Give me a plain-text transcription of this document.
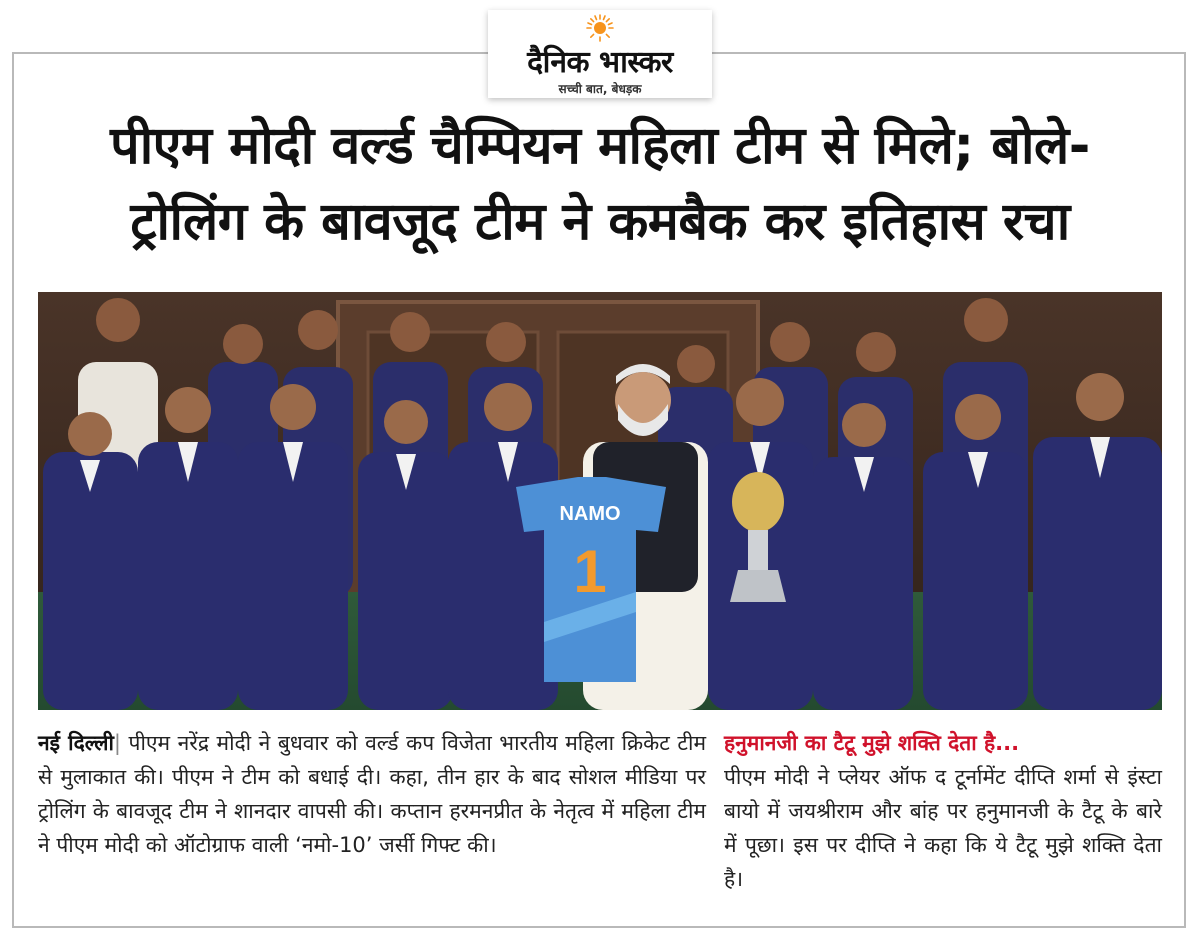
दैनिक भास्कर
सच्ची बात, बेधड़क
पीएम मोदी वर्ल्ड चैम्पियन महिला टीम से मिले; बोले-
ट्रोलिंग के बावजूद टीम ने कमबैक कर इतिहास रचा
NAMO
1
नई दिल्ली| पीएम नरेंद्र मोदी ने बुधवार को वर्ल्ड कप विजेता भारतीय महिला क्रिकेट टीम से मुलाकात की। पीएम ने टीम को बधाई दी। कहा, तीन हार के बाद सोशल मीडिया पर ट्रोलिंग के बावजूद टीम ने शानदार वापसी की। कप्तान हरमनप्रीत के नेतृत्व में महिला टीम ने पीएम मोदी को ऑटोग्राफ वाली ‘नमो-10’ जर्सी गिफ्ट की।
हनुमानजी का टैटू मुझे शक्ति देता है...
पीएम मोदी ने प्लेयर ऑफ द टूर्नामेंट दीप्ति शर्मा से इंस्टा बायो में जयश्रीराम और बांह पर हनुमानजी के टैटू के बारे में पूछा। इस पर दीप्ति ने कहा कि ये टैटू मुझे शक्ति देता है।
